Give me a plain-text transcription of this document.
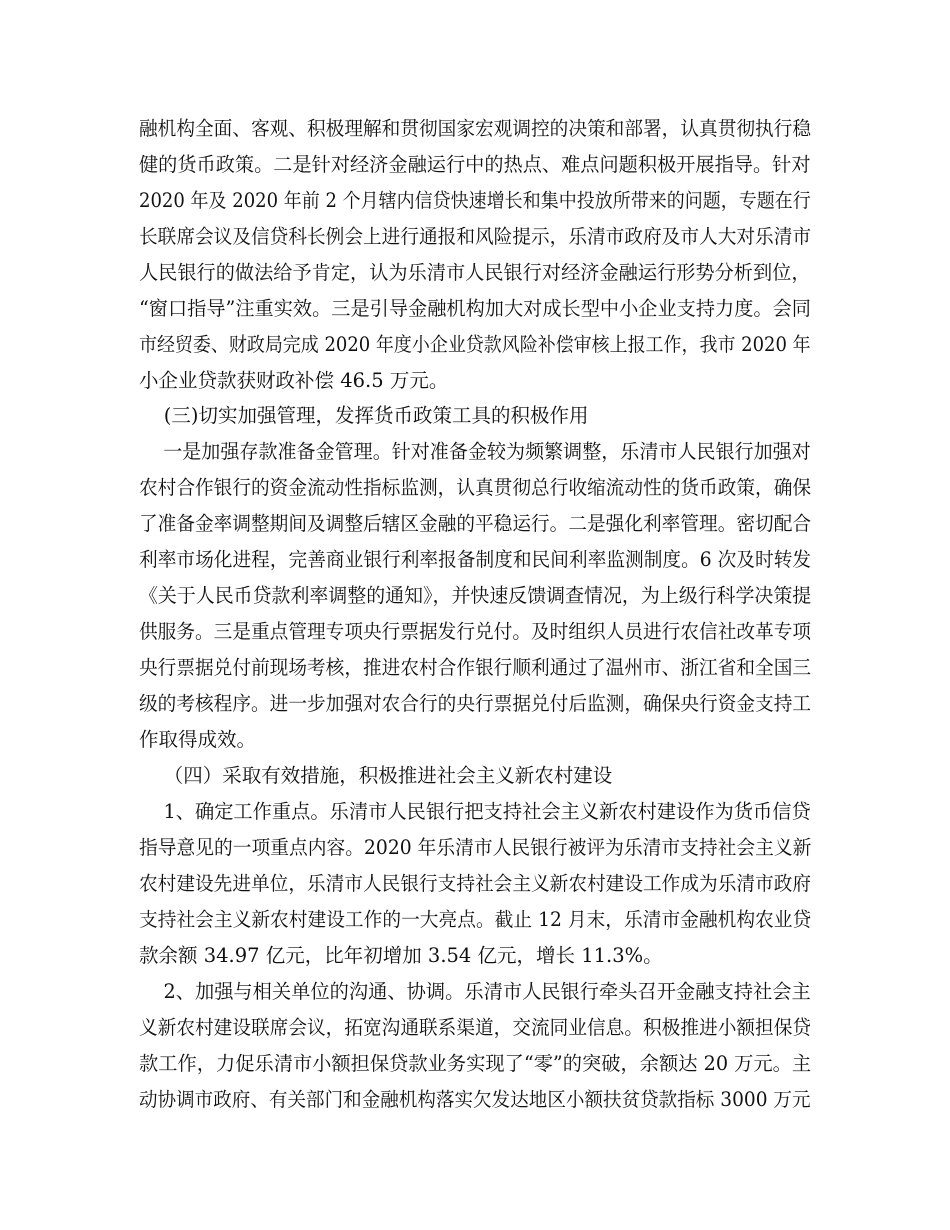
融机构全面、客观、积极理解和贯彻国家宏观调控的决策和部署，认真贯彻执行稳
健的货币政策。二是针对经济金融运行中的热点、难点问题积极开展指导。针对
2020 年及 2020 年前 2 个月辖内信贷快速增长和集中投放所带来的问题，专题在行
长联席会议及信贷科长例会上进行通报和风险提示，乐清市政府及市人大对乐清市
人民银行的做法给予肯定，认为乐清市人民银行对经济金融运行形势分析到位，
“窗口指导”注重实效。三是引导金融机构加大对成长型中小企业支持力度。会同
市经贸委、财政局完成 2020 年度小企业贷款风险补偿审核上报工作，我市 2020 年
小企业贷款获财政补偿 46.5 万元。
(三)切实加强管理，发挥货币政策工具的积极作用
一是加强存款准备金管理。针对准备金较为频繁调整，乐清市人民银行加强对
农村合作银行的资金流动性指标监测，认真贯彻总行收缩流动性的货币政策，确保
了准备金率调整期间及调整后辖区金融的平稳运行。二是强化利率管理。密切配合
利率市场化进程，完善商业银行利率报备制度和民间利率监测制度。6 次及时转发
《关于人民币贷款利率调整的通知》，并快速反馈调查情况，为上级行科学决策提
供服务。三是重点管理专项央行票据发行兑付。及时组织人员进行农信社改革专项
央行票据兑付前现场考核，推进农村合作银行顺利通过了温州市、浙江省和全国三
级的考核程序。进一步加强对农合行的央行票据兑付后监测，确保央行资金支持工
作取得成效。
（四）采取有效措施，积极推进社会主义新农村建设
1、确定工作重点。乐清市人民银行把支持社会主义新农村建设作为货币信贷
指导意见的一项重点内容。2020 年乐清市人民银行被评为乐清市支持社会主义新
农村建设先进单位，乐清市人民银行支持社会主义新农村建设工作成为乐清市政府
支持社会主义新农村建设工作的一大亮点。截止 12 月末，乐清市金融机构农业贷
款余额 34.97 亿元，比年初增加 3.54 亿元，增长 11.3%。
2、加强与相关单位的沟通、协调。乐清市人民银行牵头召开金融支持社会主
义新农村建设联席会议，拓宽沟通联系渠道，交流同业信息。积极推进小额担保贷
款工作，力促乐清市小额担保贷款业务实现了“零”的突破，余额达 20 万元。主
动协调市政府、有关部门和金融机构落实欠发达地区小额扶贫贷款指标 3000 万元
